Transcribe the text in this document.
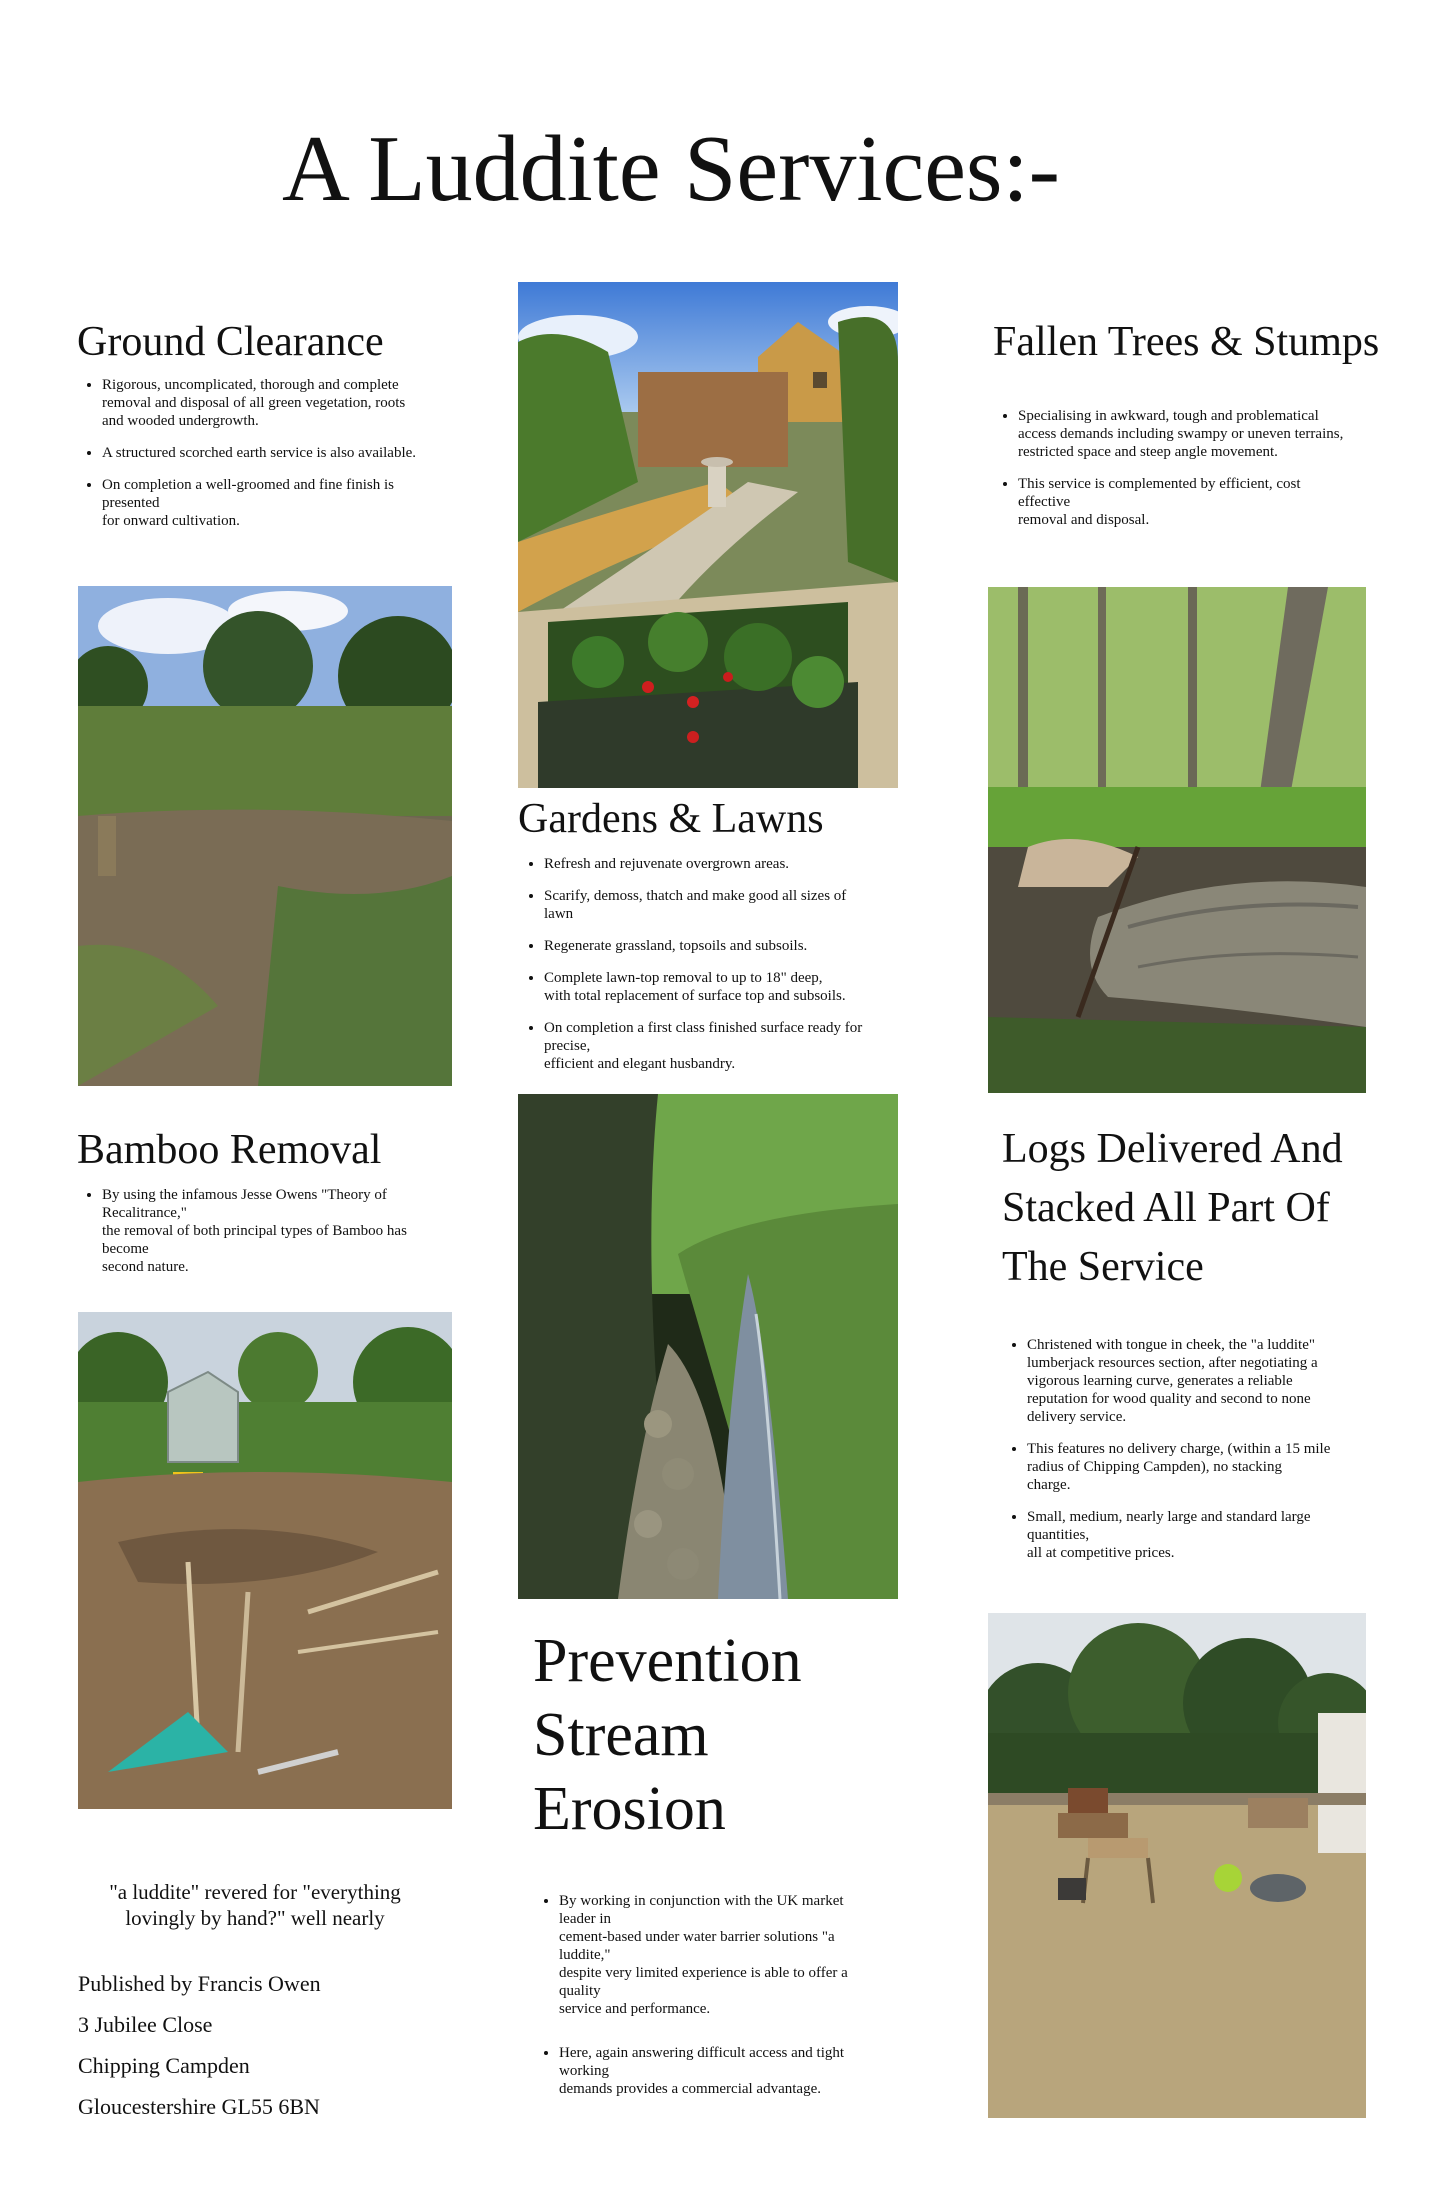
A Luddite Services:-
Ground Clearance
• Rigorous, uncomplicated, thorough and complete
removal and disposal of all green vegetation, roots
and wooded undergrowth.
• A structured scorched earth service is also available.
• On completion a well-groomed and fine finish is
presented
for onward cultivation.
Fallen Trees & Stumps
• Specialising in awkward, tough and problematical
access demands including swampy or uneven terrains,
restricted space and steep angle movement.
• This service is complemented by efficient, cost
effective
removal and disposal.
Gardens & Lawns
• Refresh and rejuvenate overgrown areas.
• Scarify, demoss, thatch and make good all sizes of
lawn
• Regenerate grassland, topsoils and subsoils.
• Complete lawn-top removal to up to 18" deep,
with total replacement of surface top and subsoils.
• On completion a first class finished surface ready for
precise,
efficient and elegant husbandry.
Bamboo Removal
• By using the infamous Jesse Owens "Theory of
Recalitrance,"
the removal of both principal types of Bamboo has
become
second nature.
Logs Delivered And
Stacked All Part Of
The Service
• Christened with tongue in cheek, the "a luddite"
lumberjack resources section, after negotiating a
vigorous learning curve, generates a reliable
reputation for wood quality and second to none
delivery service.
• This features no delivery charge, (within a 15 mile
radius of Chipping Campden), no stacking
charge.
• Small, medium, nearly large and standard large
quantities,
all at competitive prices.
Prevention
Stream
Erosion
• By working in conjunction with the UK market
leader in
cement-based under water barrier solutions "a
luddite,"
despite very limited experience is able to offer a
quality
service and performance.
• Here, again answering difficult access and tight
working
demands provides a commercial advantage.
"a luddite" revered for "everything
lovingly by hand?" well nearly
Published by Francis Owen
3 Jubilee Close
Chipping Campden
Gloucestershire GL55 6BN
